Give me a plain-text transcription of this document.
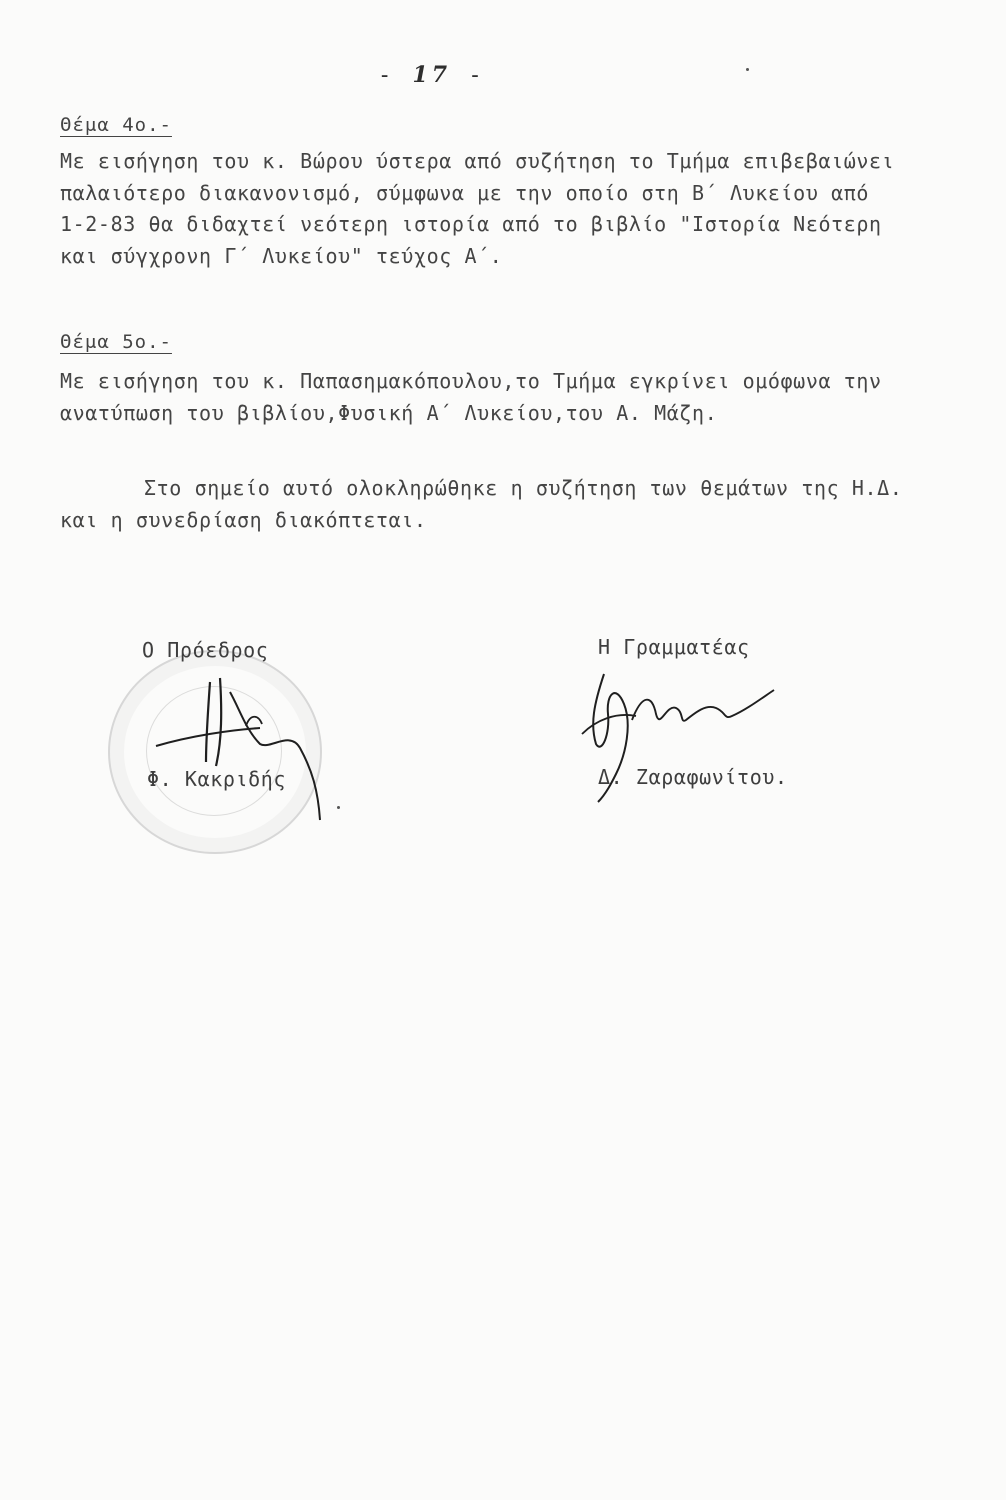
- 17 -
Θέμα 4ο.-

Με εισήγηση του κ. Βώρου ύστερα από συζήτηση το Τμήμα επιβεβαιώνει
παλαιότερο διακανονισμό, σύμφωνα με την οποίο στη Β΄ Λυκείου από
1-2-83 θα διδαχτεί νεότερη ιστορία από το βιβλίο "Ιστορία Νεότερη
και σύγχρονη Γ΄ Λυκείου" τεύχος Α΄.

Θέμα 5ο.-

Με εισήγηση του κ. Παπασημακόπουλου,το Τμήμα εγκρίνει ομόφωνα την
ανατύπωση του βιβλίου,Φυσική Α΄ Λυκείου,του Α. Μάζη.

Στο σημείο αυτό ολοκληρώθηκε η συζήτηση των θεμάτων της Η.Δ.
και η συνεδρίαση διακόπτεται.

Ο Πρόεδρος
Φ. Κακριδής
Η Γραμματέας
Δ. Ζαραφωνίτου.
